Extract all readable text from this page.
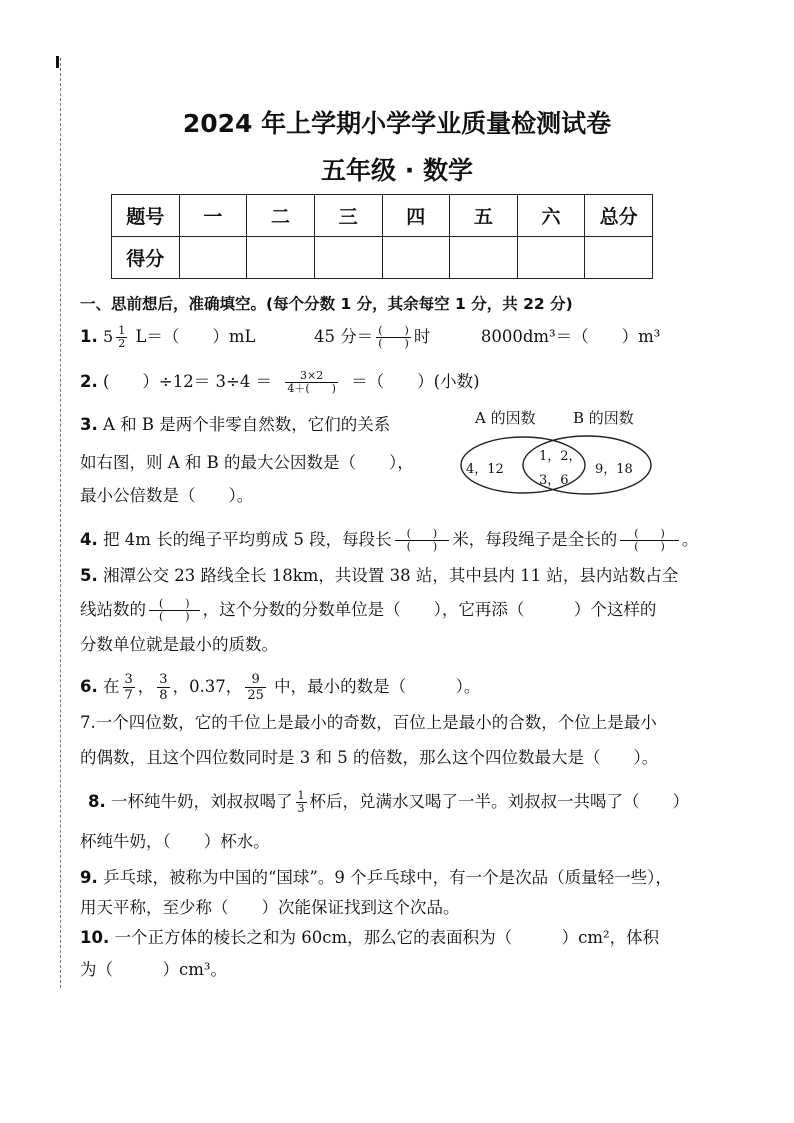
2024 年上学期小学学业质量检测试卷
五年级 · 数学
题号	一	二	三	四	五	六	总分
得分							
一、思前想后，准确填空。(每个分数 1 分，其余每空 1 分，共 22 分)
1. $5 \frac{1}{2} L=$（　　）mL	45 分＝ $\frac{( )}{( )}$ 时	8000dm³＝（　　）m³
2. (　　）$\div 12= 3\div 4 = \frac{3\times 2}{4+( )}$ ＝（　　）(小数)
3. A 和 B 是两个非零自然数，它们的关系
如右图，则 A 和 B 的最大公因数是（　　），
最小公倍数是（　　）。
A 的因数 B 的因数
4，12
1，2，
3，6
9，18
4. 把 4m 长的绳子平均剪成 5 段，每段长 $\frac{( )}{( )}$ 米，每段绳子是全长的 $\frac{( )}{( )}$ 。
5. 湘潭公交 23 路线全长 18km，共设置 38 站，其中县内 11 站，县内站数占全
线站数的 $\frac{( )}{( )}$ ，这个分数的分数单位是（　　），它再添（　　　）个这样的
分数单位就是最小的质数。
6. 在 $\frac{3}{7}$ ， $\frac{3}{8}$ ，0.37， $\frac{9}{25}$ 中，最小的数是（　　　）。
7.一个四位数，它的千位上是最小的奇数，百位上是最小的合数，个位上是最小
的偶数，且这个四位数同时是 3 和 5 的倍数，那么这个四位数最大是（　　）。
8. 一杯纯牛奶，刘叔叔喝了 $\frac{1}{3}$ 杯后，兑满水又喝了一半。刘叔叔一共喝了（　　）
杯纯牛奶，（　　）杯水。
9. 乒乓球，被称为中国的“国球”。9 个乒乓球中，有一个是次品（质量轻一些），
用天平称，至少称（　　）次能保证找到这个次品。
10. 一个正方体的棱长之和为 60cm，那么它的表面积为（　　　）cm²，体积
为（　　　）cm³。
